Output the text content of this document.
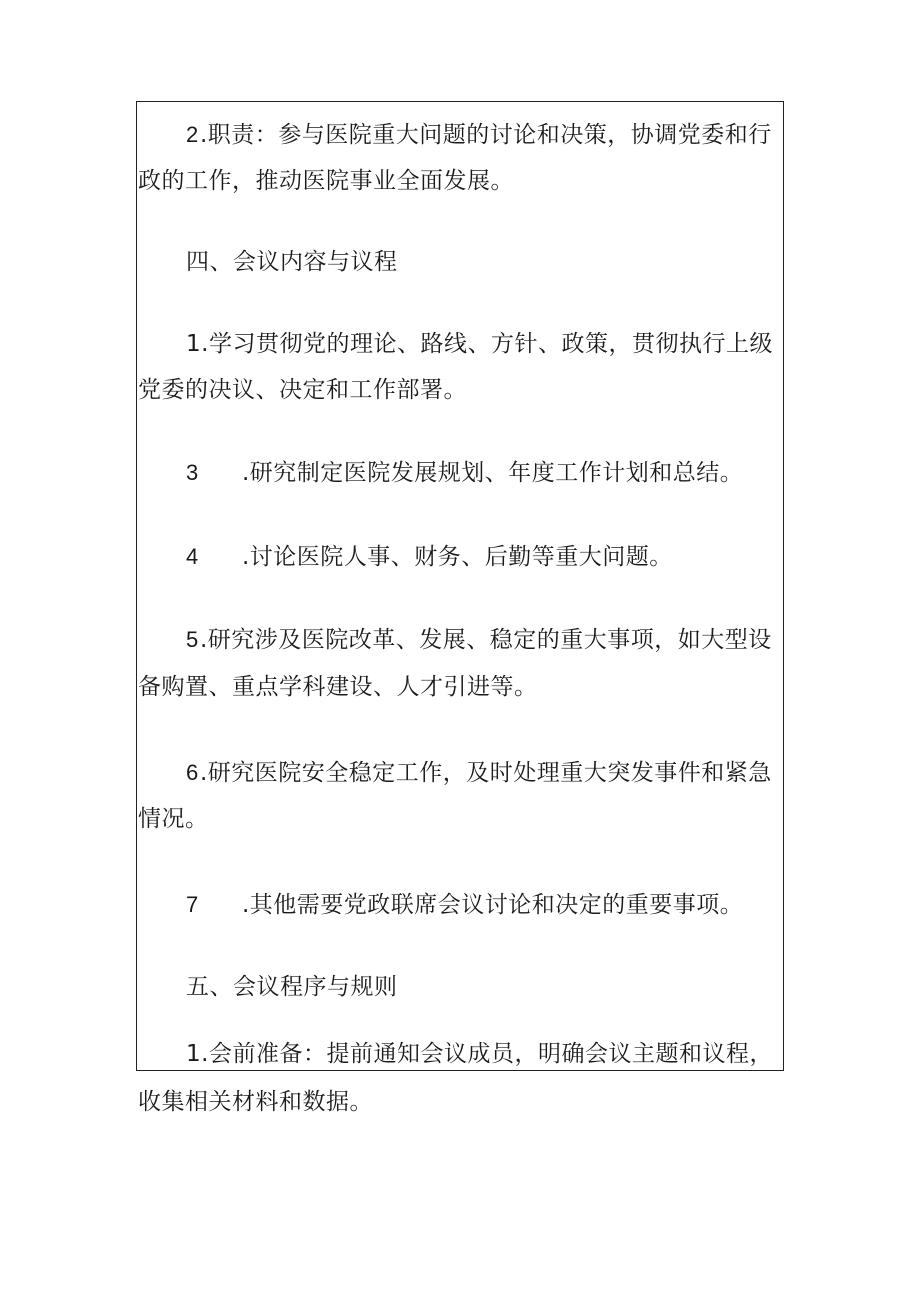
2.职责：参与医院重大问题的讨论和决策，协调党委和行
政的工作，推动医院事业全面发展。
四、会议内容与议程
1.学习贯彻党的理论、路线、方针、政策，贯彻执行上级
党委的决议、决定和工作部署。
3 .研究制定医院发展规划、年度工作计划和总结。
4 .讨论医院人事、财务、后勤等重大问题。
5.研究涉及医院改革、发展、稳定的重大事项，如大型设
备购置、重点学科建设、人才引进等。
6.研究医院安全稳定工作，及时处理重大突发事件和紧急
情况。
7 .其他需要党政联席会议讨论和决定的重要事项。
五、会议程序与规则
1.会前准备：提前通知会议成员，明确会议主题和议程，
收集相关材料和数据。
